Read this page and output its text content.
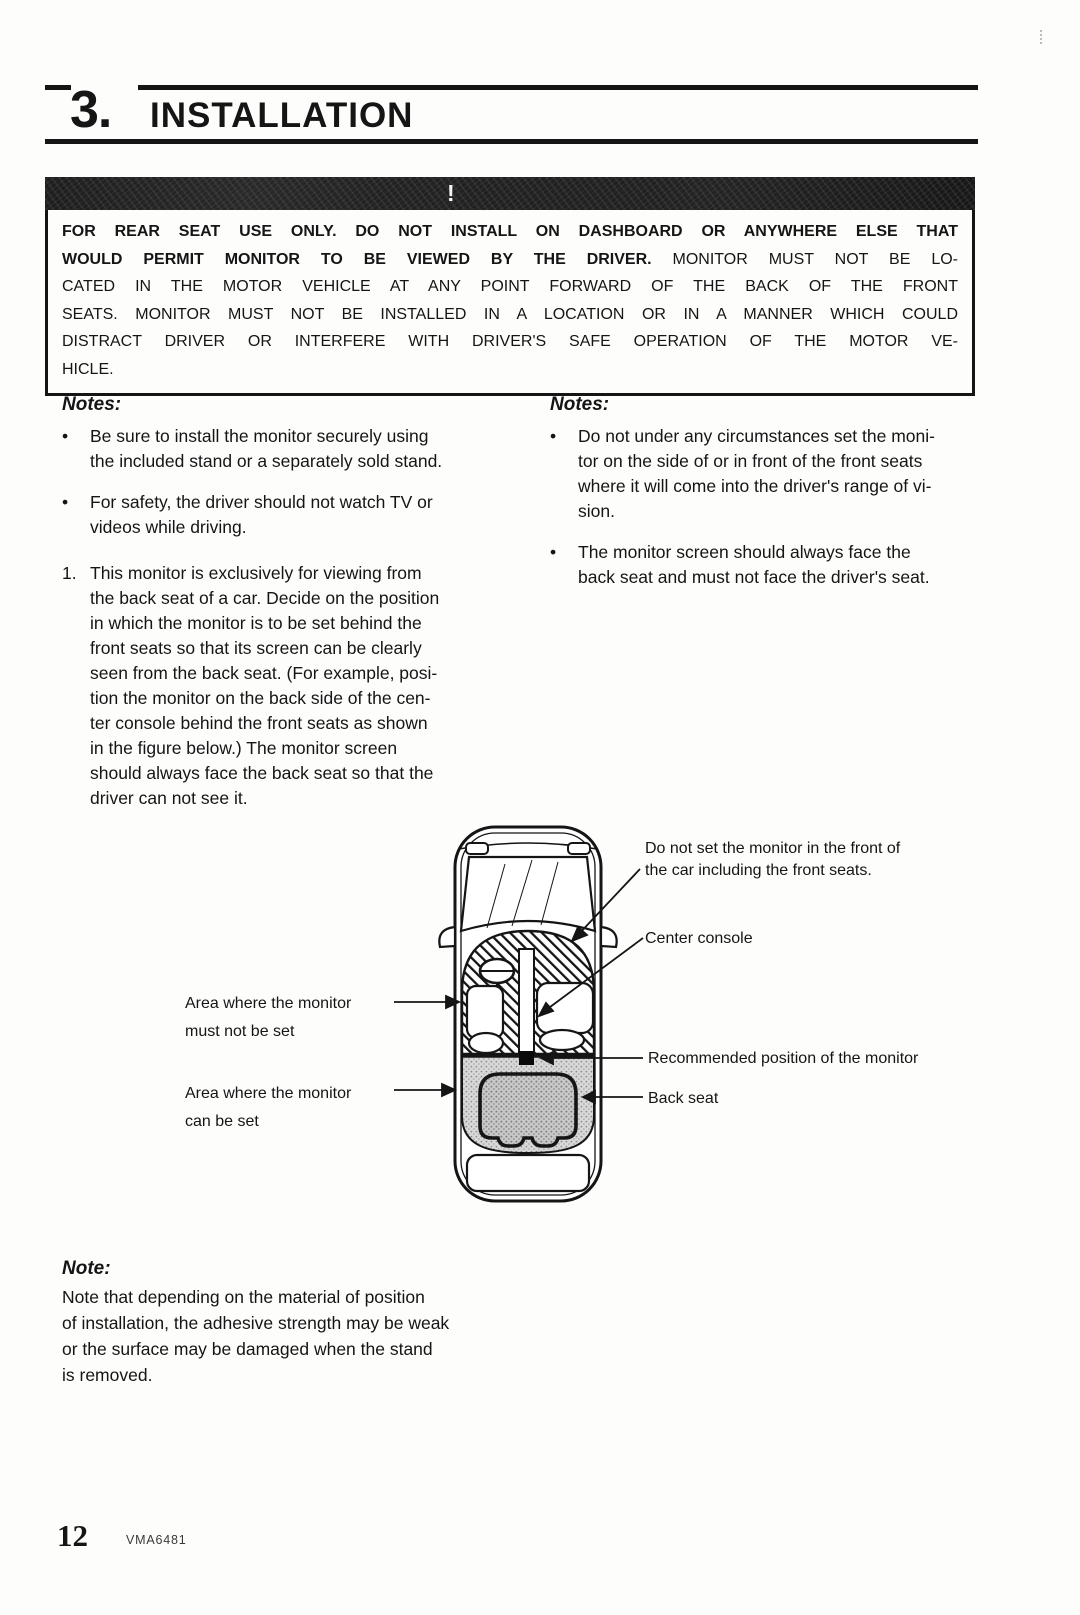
3. INSTALLATION
!
FOR REAR SEAT USE ONLY. DO NOT INSTALL ON DASHBOARD OR ANYWHERE ELSE THAT
WOULD PERMIT MONITOR TO BE VIEWED BY THE DRIVER. MONITOR MUST NOT BE LO-
CATED IN THE MOTOR VEHICLE AT ANY POINT FORWARD OF THE BACK OF THE FRONT
SEATS. MONITOR MUST NOT BE INSTALLED IN A LOCATION OR IN A MANNER WHICH COULD
DISTRACT DRIVER OR INTERFERE WITH DRIVER'S SAFE OPERATION OF THE MOTOR VE-
HICLE.
Notes:
•	Be sure to install the monitor securely using
the included stand or a separately sold stand.
•	For safety, the driver should not watch TV or
videos while driving.
1. This monitor is exclusively for viewing from
the back seat of a car. Decide on the position
in which the monitor is to be set behind the
front seats so that its screen can be clearly
seen from the back seat. (For example, posi-
tion the monitor on the back side of the cen-
ter console behind the front seats as shown
in the figure below.) The monitor screen
should always face the back seat so that the
driver can not see it.
Notes:
•	Do not under any circumstances set the moni-
tor on the side of or in front of the front seats
where it will come into the driver's range of vi-
sion.
•	The monitor screen should always face the
back seat and must not face the driver's seat.
Do not set the monitor in the front of
the car including the front seats.
Center console
Area where the monitor
must not be set
Recommended position of the monitor
Area where the monitor
can be set
Back seat
Note:
Note that depending on the material of position
of installation, the adhesive strength may be weak
or the surface may be damaged when the stand
is removed.
12	VMA6481
